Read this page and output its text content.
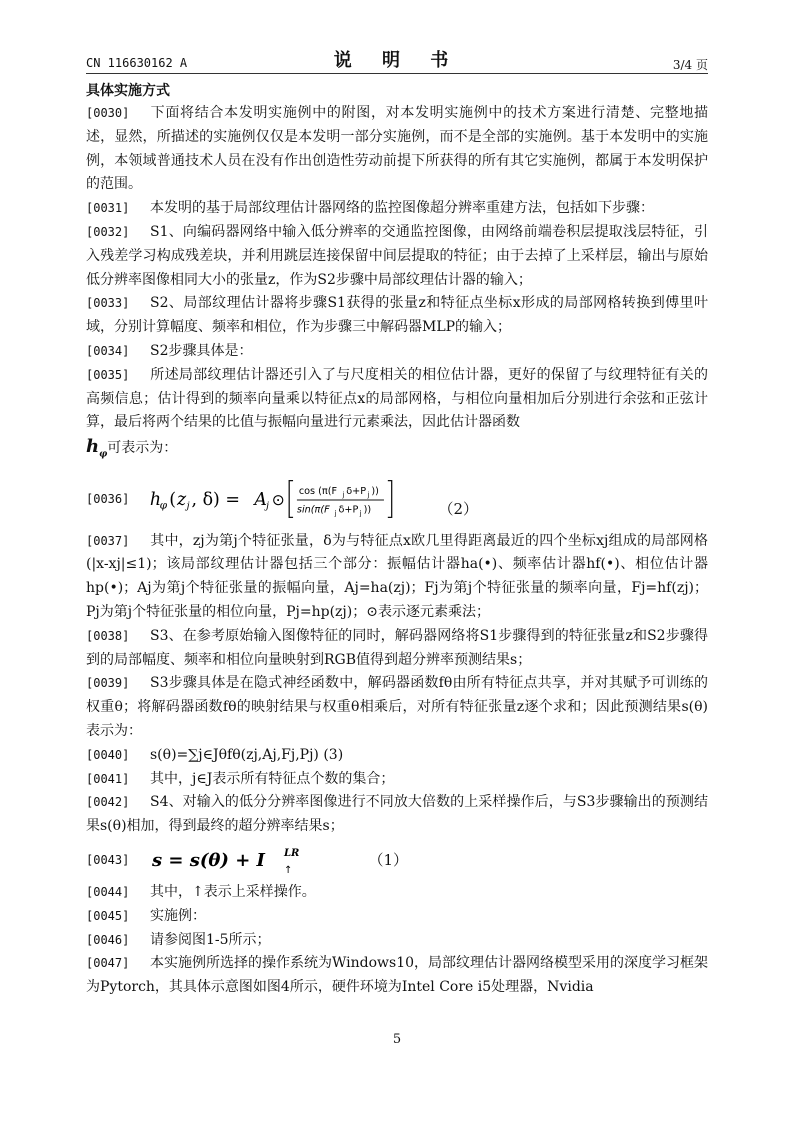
CN 116630162 A	说 明 书	3/4 页
具体实施方式

[0030] 下面将结合本发明实施例中的附图，对本发明实施例中的技术方案进行清楚、完整地描述，显然，所描述的实施例仅仅是本发明一部分实施例，而不是全部的实施例。基于本发明中的实施例，本领域普通技术人员在没有作出创造性劳动前提下所获得的所有其它实施例，都属于本发明保护的范围。

[0031] 本发明的基于局部纹理估计器网络的监控图像超分辨率重建方法，包括如下步骤：

[0032] S1、向编码器网络中输入低分辨率的交通监控图像，由网络前端卷积层提取浅层特征，引入残差学习构成残差块，并利用跳层连接保留中间层提取的特征；由于去掉了上采样层，输出与原始低分辨率图像相同大小的张量z，作为S2步骤中局部纹理估计器的输入；

[0033] S2、局部纹理估计器将步骤S1获得的张量z和特征点坐标x形成的局部网格转换到傅里叶域，分别计算幅度、频率和相位，作为步骤三中解码器MLP的输入；

[0034] S2步骤具体是：

[0035] 所述局部纹理估计器还引入了与尺度相关的相位估计器，更好的保留了与纹理特征有关的高频信息；估计得到的频率向量乘以特征点x的局部网格，与相位向量相加后分别进行余弦和正弦计算，最后将两个结果的比值与振幅向量进行元素乘法，因此估计器函数
$h_\varphi$可表示为：

[0036] h
φ ( z j , δ) = A j ⊙ cos (π(F j δ+P j ))
sin(π(F j δ+P j ))	（2）

[0037] 其中，zj为第j个特征张量，δ为与特征点x欧几里得距离最近的四个坐标xj组成的局部网格(|x-xj|≤1)；该局部纹理估计器包括三个部分：振幅估计器ha(•)、频率估计器hf(•)、相位估计器hp(•)；Aj为第j个特征张量的振幅向量，Aj=ha(zj)；Fj为第j个特征张量的频率向量，Fj=hf(zj)；Pj为第j个特征张量的相位向量，Pj=hp(zj)；⊙表示逐元素乘法；

[0038] S3、在参考原始输入图像特征的同时，解码器网络将S1步骤得到的特征张量z和S2步骤得到的局部幅度、频率和相位向量映射到RGB值得到超分辨率预测结果s；

[0039] S3步骤具体是在隐式神经函数中，解码器函数fθ由所有特征点共享，并对其赋予可训练的权重θ；将解码器函数fθ的映射结果与权重θ相乘后，对所有特征张量z逐个求和；因此预测结果s(θ)表示为：

[0040] s(θ)=∑j∈Jθfθ(zj,Aj,Fj,Pj) (3)

[0041] 其中，j∈J表示所有特征点个数的集合；

[0042] S4、对输入的低分分辨率图像进行不同放大倍数的上采样操作后，与S3步骤输出的预测结果s(θ)相加，得到最终的超分辨率结果s；

[0043]	s = s(θ) + I LR
↑
（1）

[0044] 其中，↑表示上采样操作。

[0045] 实施例：

[0046] 请参阅图1-5所示；

[0047] 本实施例所选择的操作系统为Windows10，局部纹理估计器网络模型采用的深度学习框架为Pytorch，其具体示意图如图4所示，硬件环境为Intel Core i5处理器，Nvidia

5
